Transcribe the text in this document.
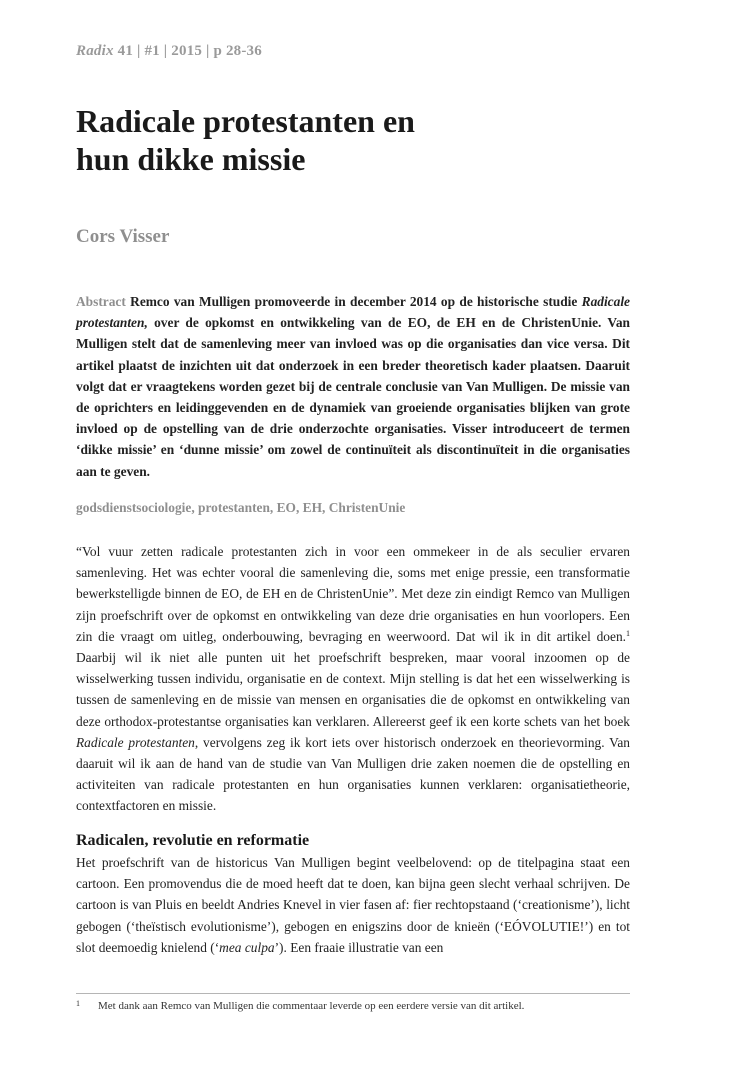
Radix 41 | #1 | 2015 | p 28-36
Radicale protestanten en
hun dikke missie
Cors Visser

Abstract Remco van Mulligen promoveerde in december 2014 op de historische studie Radicale protestanten, over de opkomst en ontwikkeling van de EO, de EH en de ChristenUnie. Van Mulligen stelt dat de samenleving meer van invloed was op die organisaties dan vice versa. Dit artikel plaatst de inzichten uit dat onderzoek in een breder theoretisch kader plaatsen. Daaruit volgt dat er vraagtekens worden gezet bij de centrale conclusie van Van Mulligen. De missie van de oprichters en leidinggevenden en de dynamiek van groeiende organisaties blijken van grote invloed op de opstelling van de drie onderzochte organisaties. Visser introduceert de termen ‘dikke missie’ en ‘dunne missie’ om zowel de continuïteit als discontinuïteit in die organisaties aan te geven.

godsdienstsociologie, protestanten, EO, EH, ChristenUnie

“Vol vuur zetten radicale protestanten zich in voor een ommekeer in de als seculier ervaren samenleving. Het was echter vooral die samenleving die, soms met enige pressie, een transformatie bewerkstelligde binnen de EO, de EH en de ChristenUnie”. Met deze zin eindigt Remco van Mulligen zijn proefschrift over de opkomst en ontwikkeling van deze drie organisaties en hun voorlopers. Een zin die vraagt om uitleg, onderbouwing, bevraging en weerwoord. Dat wil ik in dit artikel doen.$^1$ Daarbij wil ik niet alle punten uit het proefschrift bespreken, maar vooral inzoomen op de wisselwerking tussen individu, organisatie en de context. Mijn stelling is dat het een wisselwerking is tussen de samenleving en de missie van mensen en organisaties die de opkomst en ontwikkeling van deze orthodox-protestantse organisaties kan verklaren. Allereerst geef ik een korte schets van het boek Radicale protestanten, vervolgens zeg ik kort iets over historisch onderzoek en theorievorming. Van daaruit wil ik aan de hand van de studie van Van Mulligen drie zaken noemen die de opstelling en activiteiten van radicale protestanten en hun organisaties kunnen verklaren: organisatietheorie, contextfactoren en missie.

Radicalen, revolutie en reformatie

Het proefschrift van de historicus Van Mulligen begint veelbelovend: op de titelpagina staat een cartoon. Een promovendus die de moed heeft dat te doen, kan bijna geen slecht verhaal schrijven. De cartoon is van Pluis en beeldt Andries Knevel in vier fasen af: fier rechtopstaand (‘creationisme’), licht gebogen (‘theïstisch evolutionisme’), gebogen en enigszins door de knieën (‘EÓVOLUTIE!’) en tot slot deemoedig knielend (‘mea culpa’). Een fraaie illustratie van een

1 Met dank aan Remco van Mulligen die commentaar leverde op een eerdere versie van dit artikel.
